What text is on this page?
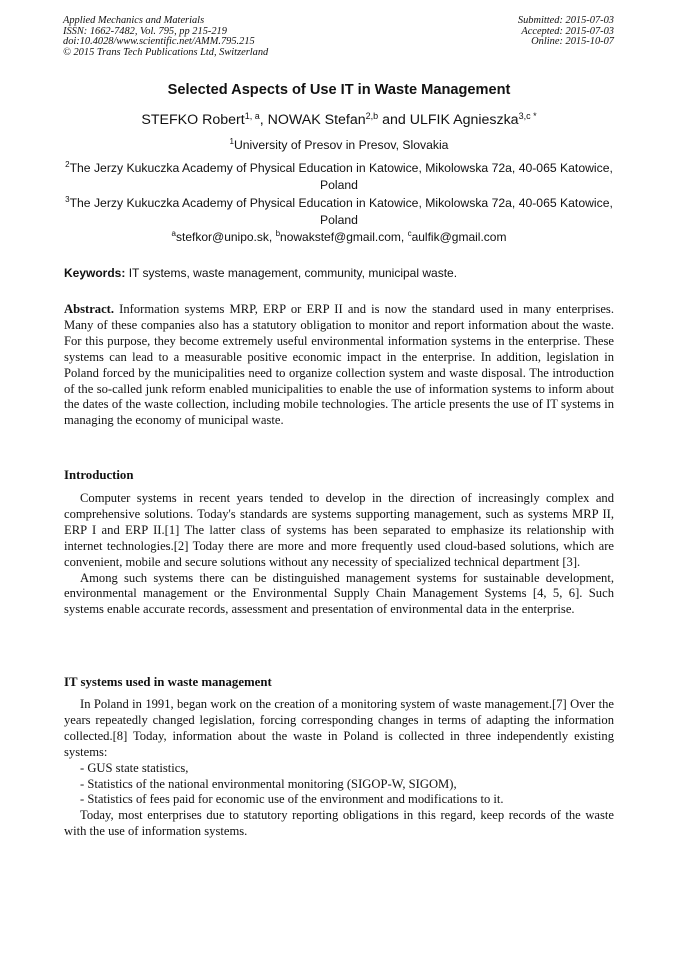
Applied Mechanics and Materials
ISSN: 1662-7482, Vol. 795, pp 215-219
doi:10.4028/www.scientific.net/AMM.795.215
© 2015 Trans Tech Publications Ltd, Switzerland
Submitted: 2015-07-03
Accepted: 2015-07-03
Online: 2015-10-07
Selected Aspects of Use IT in Waste Management
STEFKO Robert$^{1, a}$, NOWAK Stefan$^{2,b}$ and ULFIK Agnieszka$^{3,c *}$
$^1$University of Presov in Presov, Slovakia
$^2$The Jerzy Kukuczka Academy of Physical Education in Katowice, Mikolowska 72a, 40-065 Katowice, Poland
$^3$The Jerzy Kukuczka Academy of Physical Education in Katowice, Mikolowska 72a, 40-065 Katowice, Poland
$^a$stefkor@unipo.sk, $^b$nowakstef@gmail.com, $^c$aulfik@gmail.com
Keywords: IT systems, waste management, community, municipal waste.

Abstract. Information systems MRP, ERP or ERP II and is now the standard used in many enterprises. Many of these companies also has a statutory obligation to monitor and report information about the waste. For this purpose, they become extremely useful environmental information systems in the enterprise. These systems can lead to a measurable positive economic impact in the enterprise. In addition, legislation in Poland forced by the municipalities need to organize collection system and waste disposal. The introduction of the so-called junk reform enabled municipalities to enable the use of information systems to inform about the dates of the waste collection, including mobile technologies. The article presents the use of IT systems in managing the economy of municipal waste.

Introduction

Computer systems in recent years tended to develop in the direction of increasingly complex and comprehensive solutions. Today's standards are systems supporting management, such as systems MRP II, ERP I and ERP II.[1] The latter class of systems has been separated to emphasize its relationship with internet technologies.[2] Today there are more and more frequently used cloud-based solutions, which are convenient, mobile and secure solutions without any necessity of specialized technical department [3].

Among such systems there can be distinguished management systems for sustainable development, environmental management or the Environmental Supply Chain Management Systems [4, 5, 6]. Such systems enable accurate records, assessment and presentation of environmental data in the enterprise.

IT systems used in waste management

In Poland in 1991, began work on the creation of a monitoring system of waste management.[7] Over the years repeatedly changed legislation, forcing corresponding changes in terms of adapting the information collected.[8] Today, information about the waste in Poland is collected in three independently existing systems:

- GUS state statistics,

- Statistics of the national environmental monitoring (SIGOP-W, SIGOM),

- Statistics of fees paid for economic use of the environment and modifications to it.

Today, most enterprises due to statutory reporting obligations in this regard, keep records of the waste with the use of information systems.
